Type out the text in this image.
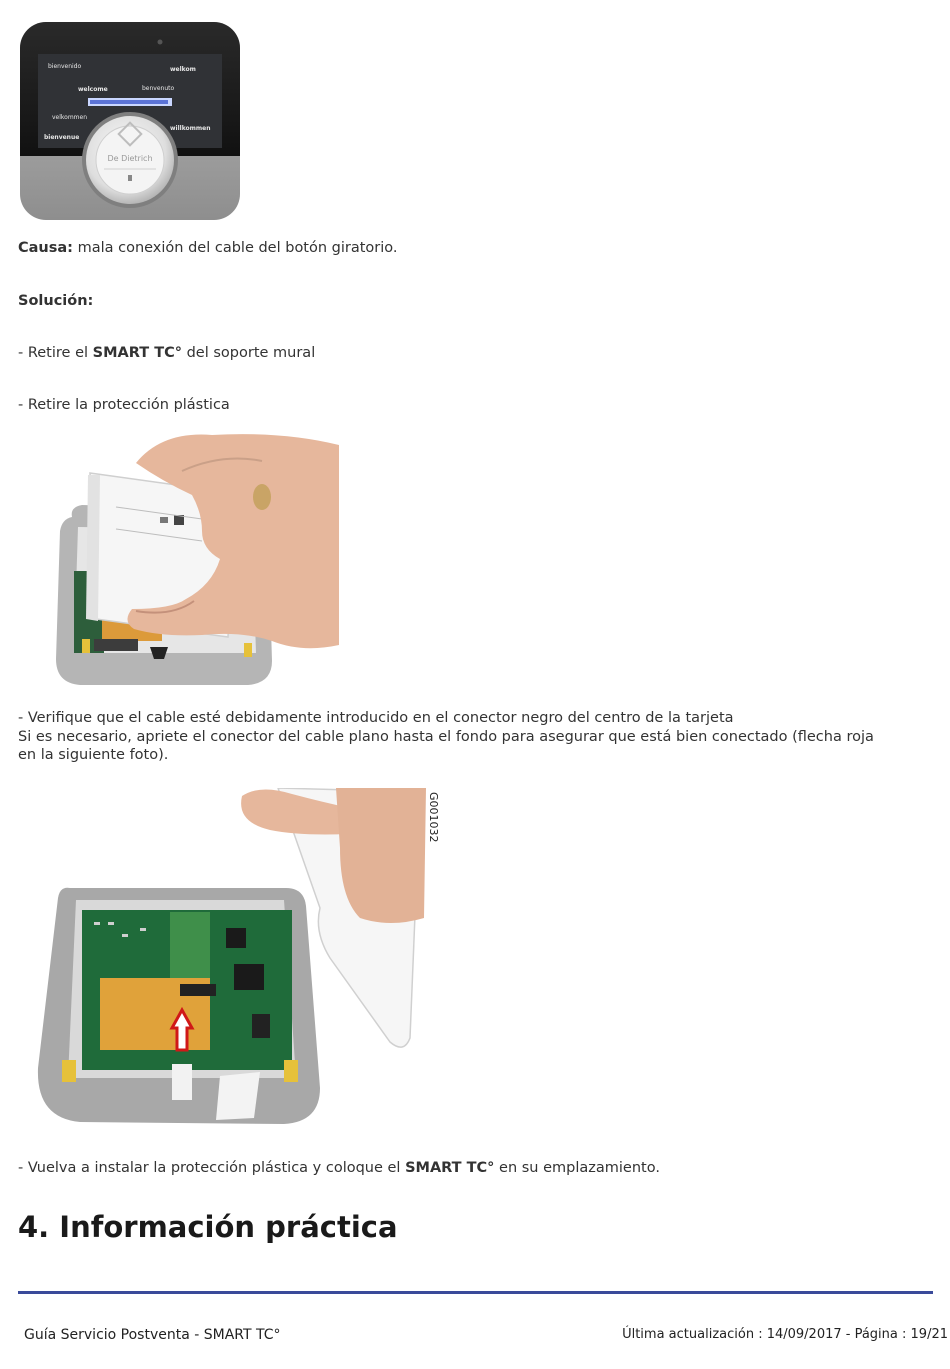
bienvenido	welkom
welcome	benvenuto
velkommen
willkommen
bienvenue
De Dietrich
Causa: mala conexión del cable del botón giratorio.
Solución:
- Retire el SMART TC° del soporte mural
- Retire la protección plástica
- Verifique que el cable esté debidamente introducido en el conector negro del centro de la tarjeta
Si es necesario, apriete el conector del cable plano hasta el fondo para asegurar que está bien conectado (flecha roja
en la siguiente foto).
G001032
- Vuelva a instalar la protección plástica y coloque el SMART TC° en su emplazamiento.
4. Información práctica
Guía Servicio Postventa - SMART TC°	Última actualización : 14/09/2017 - Página : 19/21
